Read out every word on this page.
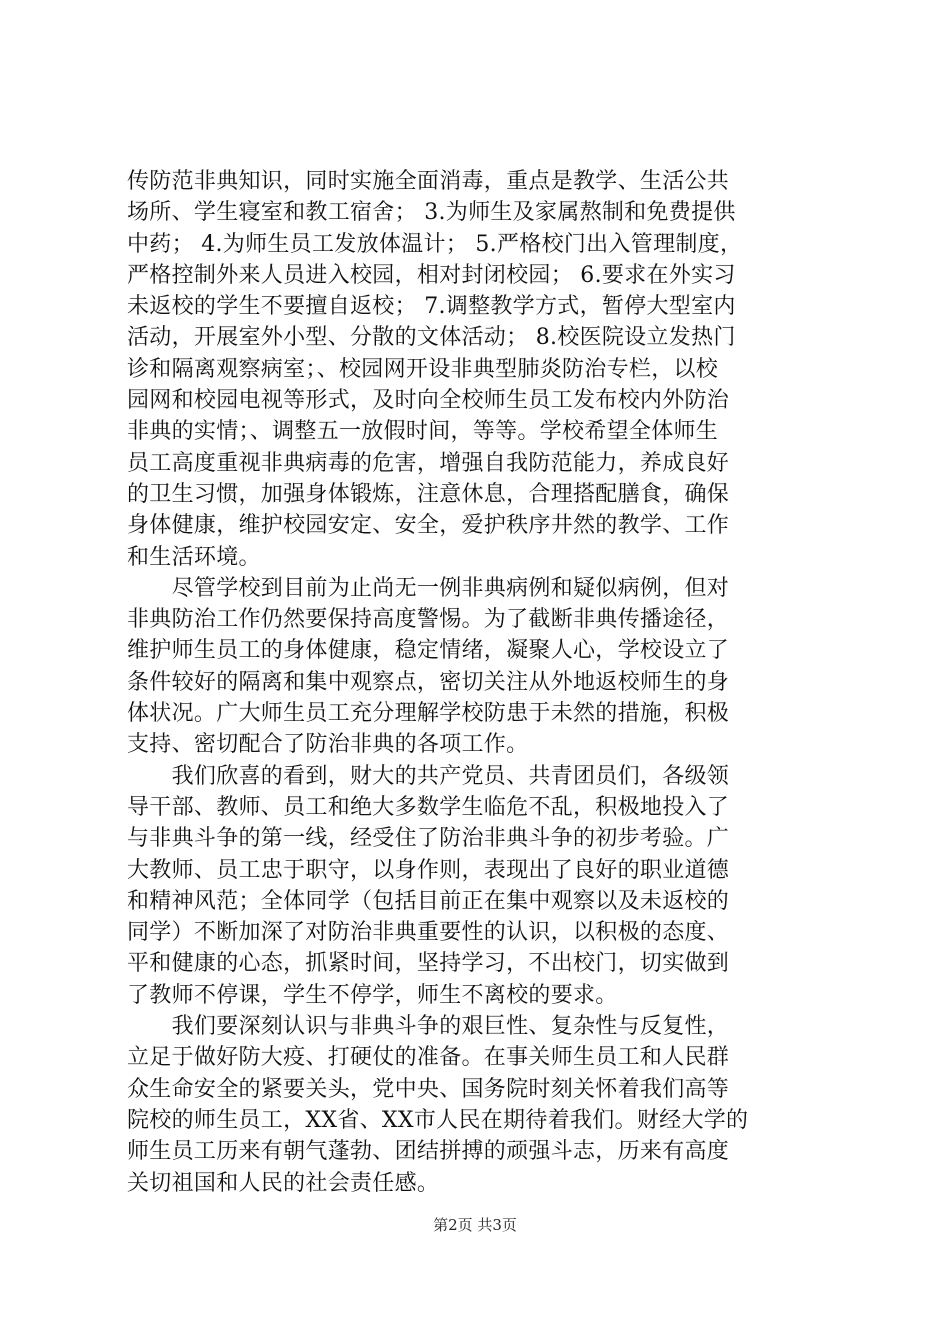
传防范非典知识，同时实施全面消毒，重点是教学、生活公共
场所、学生寝室和教工宿舍； 3.为师生及家属熬制和免费提供
中药； 4.为师生员工发放体温计； 5.严格校门出入管理制度，
严格控制外来人员进入校园，相对封闭校园； 6.要求在外实习
未返校的学生不要擅自返校； 7.调整教学方式，暂停大型室内
活动，开展室外小型、分散的文体活动； 8.校医院设立发热门
诊和隔离观察病室；、校园网开设非典型肺炎防治专栏，以校
园网和校园电视等形式，及时向全校师生员工发布校内外防治
非典的实情；、调整五一放假时间，等等。学校希望全体师生
员工高度重视非典病毒的危害，增强自我防范能力，养成良好
的卫生习惯，加强身体锻炼，注意休息，合理搭配膳食，确保
身体健康，维护校园安定、安全，爱护秩序井然的教学、工作
和生活环境。
　　尽管学校到目前为止尚无一例非典病例和疑似病例，但对
非典防治工作仍然要保持高度警惕。为了截断非典传播途径，
维护师生员工的身体健康，稳定情绪，凝聚人心，学校设立了
条件较好的隔离和集中观察点，密切关注从外地返校师生的身
体状况。广大师生员工充分理解学校防患于未然的措施，积极
支持、密切配合了防治非典的各项工作。
　　我们欣喜的看到，财大的共产党员、共青团员们，各级领
导干部、教师、员工和绝大多数学生临危不乱，积极地投入了
与非典斗争的第一线，经受住了防治非典斗争的初步考验。广
大教师、员工忠于职守，以身作则，表现出了良好的职业道德
和精神风范；全体同学（包括目前正在集中观察以及未返校的
同学）不断加深了对防治非典重要性的认识，以积极的态度、
平和健康的心态，抓紧时间，坚持学习，不出校门，切实做到
了教师不停课，学生不停学，师生不离校的要求。
　　我们要深刻认识与非典斗争的艰巨性、复杂性与反复性，
立足于做好防大疫、打硬仗的准备。在事关师生员工和人民群
众生命安全的紧要关头，党中央、国务院时刻关怀着我们高等
院校的师生员工，XX省、XX市人民在期待着我们。财经大学的
师生员工历来有朝气蓬勃、团结拼搏的顽强斗志，历来有高度
关切祖国和人民的社会责任感。
第2页 共3页
